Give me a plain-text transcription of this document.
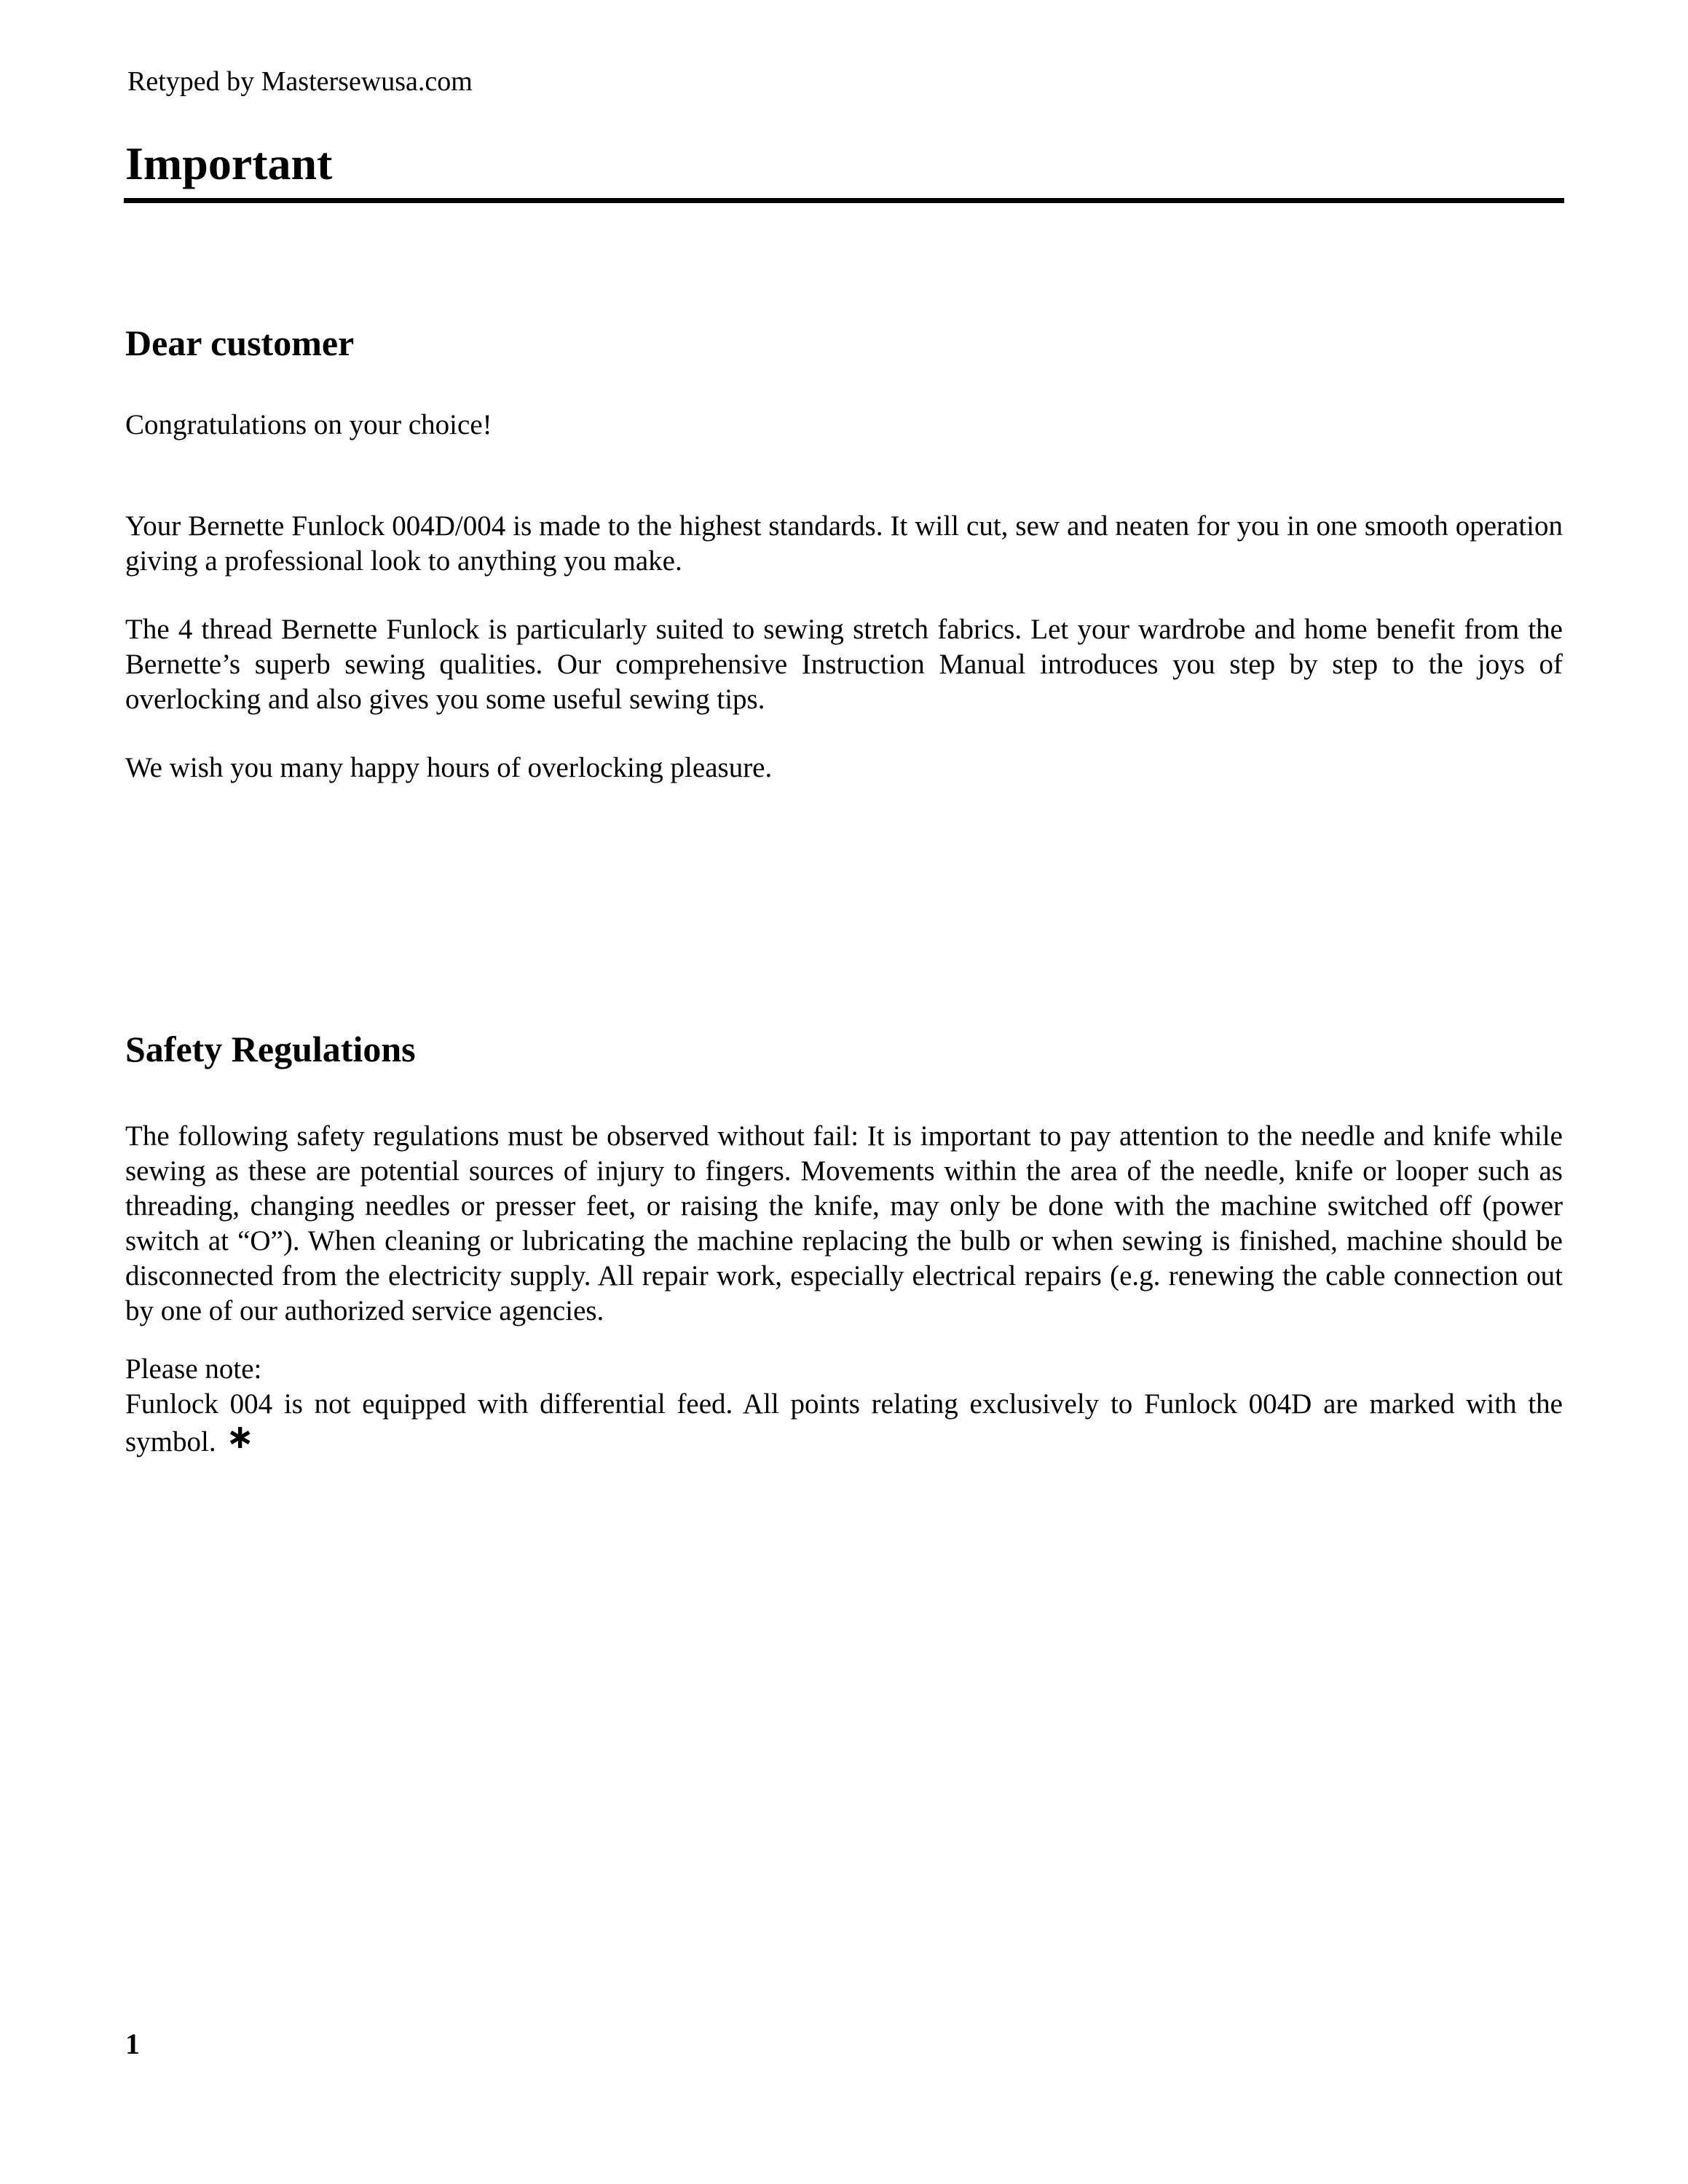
Retyped by Mastersewusa.com
Important
Dear customer

Congratulations on your choice!

Your Bernette Funlock 004D/004 is made to the highest standards. It will cut, sew and neaten for you in one smooth operation giving a professional look to anything you make.

The 4 thread Bernette Funlock is particularly suited to sewing stretch fabrics. Let your wardrobe and home benefit from the Bernette’s superb sewing qualities. Our comprehensive Instruction Manual introduces you step by step to the joys of overlocking and also gives you some useful sewing tips.

We wish you many happy hours of overlocking pleasure.

Safety Regulations

The following safety regulations must be observed without fail: It is important to pay attention to the needle and knife while sewing as these are potential sources of injury to fingers. Movements within the area of the needle, knife or looper such as threading, changing needles or presser feet, or raising the knife, may only be done with the machine switched off (power switch at “O”). When cleaning or lubricating the machine replacing the bulb or when sewing is finished, machine should be disconnected from the electricity supply. All repair work, especially electrical repairs (e.g. renewing the cable connection out by one of our authorized service agencies.

Please note:

Funlock 004 is not equipped with differential feed. All points relating exclusively to Funlock 004D are marked with the symbol. ∗

1
